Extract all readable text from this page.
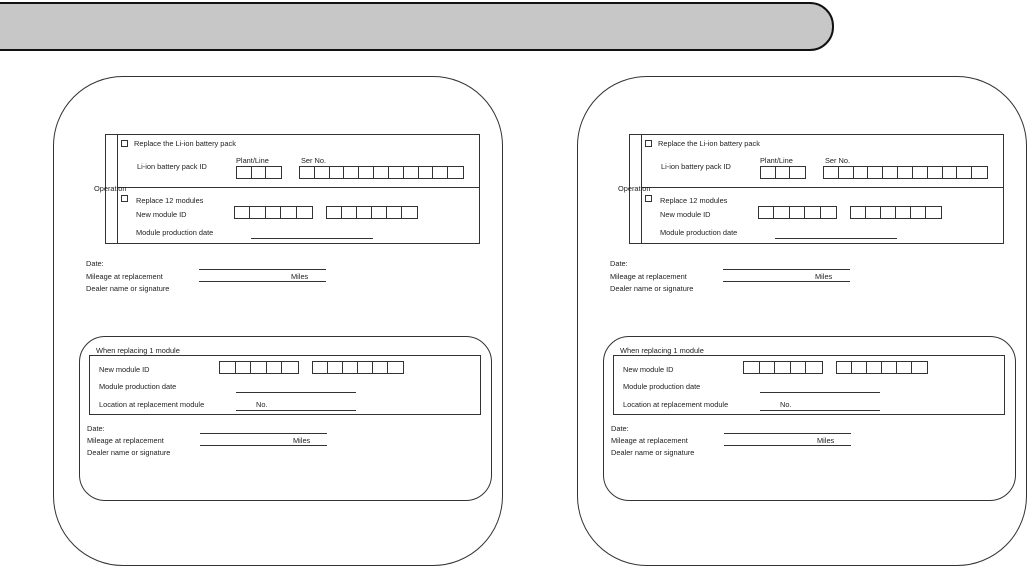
Operation
Replace the Li-ion battery pack
Li-ion battery pack ID
Plant/Line	Ser No.
Replace 12 modules
New module ID
Module production date
Date:
Mileage at replacement	Miles
Dealer name or signature
When replacing 1 module
New module ID
Module production date
Location at replacement module	No.
Date:
Mileage at replacement	Miles
Dealer name or signature
Operation
Replace the Li-ion battery pack
Li-ion battery pack ID
Plant/Line	Ser No.
Replace 12 modules
New module ID
Module production date
Date:
Mileage at replacement	Miles
Dealer name or signature
When replacing 1 module
New module ID
Module production date
Location at replacement module	No.
Date:
Mileage at replacement	Miles
Dealer name or signature
